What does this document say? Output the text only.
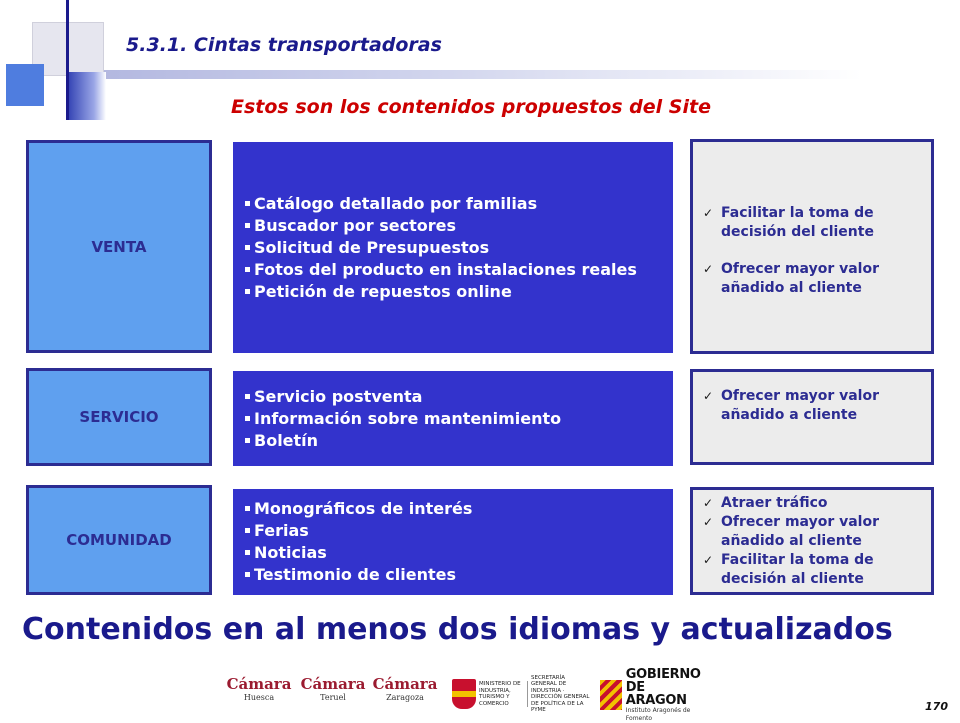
5.3.1. Cintas transportadoras
Estos son los contenidos propuestos del Site
VENTA
Catálogo detallado por familias
Buscador por sectores
Solicitud de Presupuestos
Fotos del producto en instalaciones reales
Petición de repuestos online
✓ Facilitar la toma de decisión del cliente
✓ Ofrecer mayor valor añadido al cliente
SERVICIO
Servicio postventa
Información sobre mantenimiento
Boletín
✓ Ofrecer mayor valor añadido a cliente
COMUNIDAD
Monográficos de interés
Ferias
Noticias
Testimonio de clientes
✓ Atraer tráfico
✓ Ofrecer mayor valor añadido al cliente
✓ Facilitar la toma de decisión al cliente
Contenidos en al menos dos idiomas y actualizados
Cámara
Huesca
Cámara
Teruel
Cámara
Zaragoza
MINISTERIO DE INDUSTRIA, TURISMO Y COMERCIO
SECRETARÍA GENERAL DE INDUSTRIA · DIRECCIÓN GENERAL DE POLÍTICA DE LA PYME
GOBIERNO
DE ARAGON
Instituto Aragonés de Fomento
170
